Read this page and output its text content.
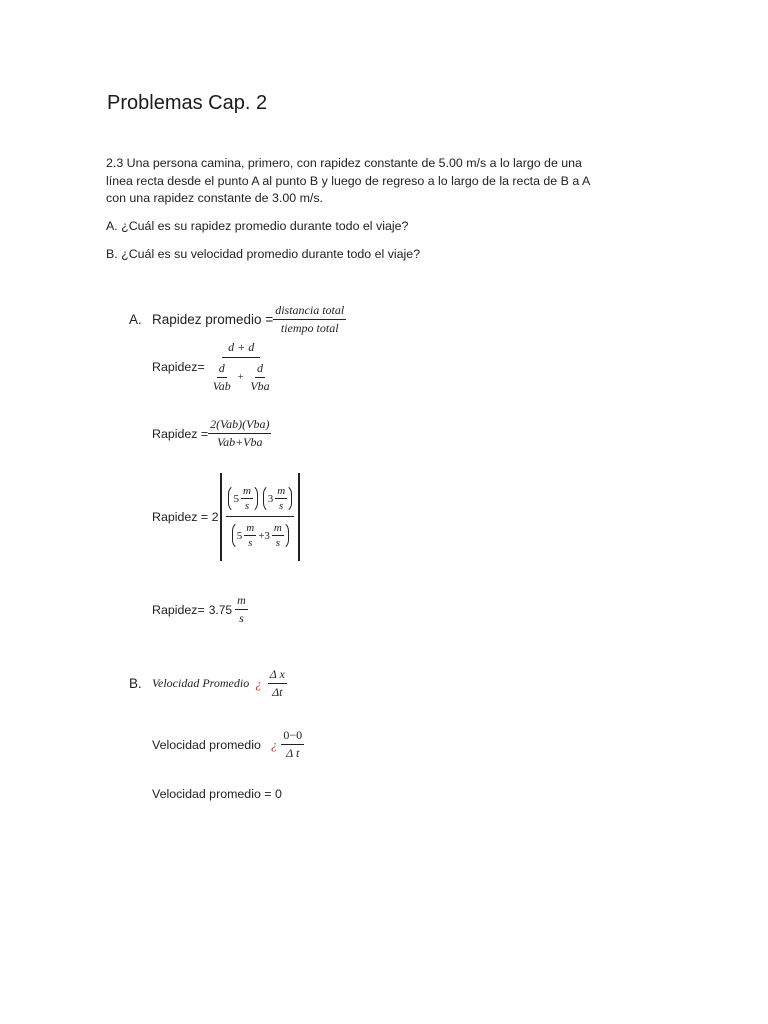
Problemas Cap. 2
2.3 Una persona camina, primero, con rapidez constante de 5.00 m/s a lo largo de una
línea recta desde el punto A al punto B y luego de regreso a lo largo de la recta de B a A
con una rapidez constante de 3.00 m/s.
A. ¿Cuál es su rapidez promedio durante todo el viaje?
B. ¿Cuál es su velocidad promedio durante todo el viaje?
A. Rapidez promedio = $\frac{\text{distancia total}}{\text{tiempo total}}$
Rapidez= $\frac{d + d}{\frac{d}{\text{Vab}} + \frac{d}{\text{Vba}}}$
Rapidez = $\frac{\text{2(Vab)(Vba)}}{\text{Vab+Vba}}$
Rapidez = 2 $5 \frac{m}{s}$
$3 \frac{m}{s}$
$5 \frac{m}{s} +3 \frac{m}{s}$
Rapidez= $3.75 \frac{m}{s}$
B. Velocidad Promedio ¿ $\frac{\text{Δ x}}{\Delta t}$
Velocidad promedio ¿ $\frac{0-0}{\text{Δ t}}$
Velocidad promedio = 0
